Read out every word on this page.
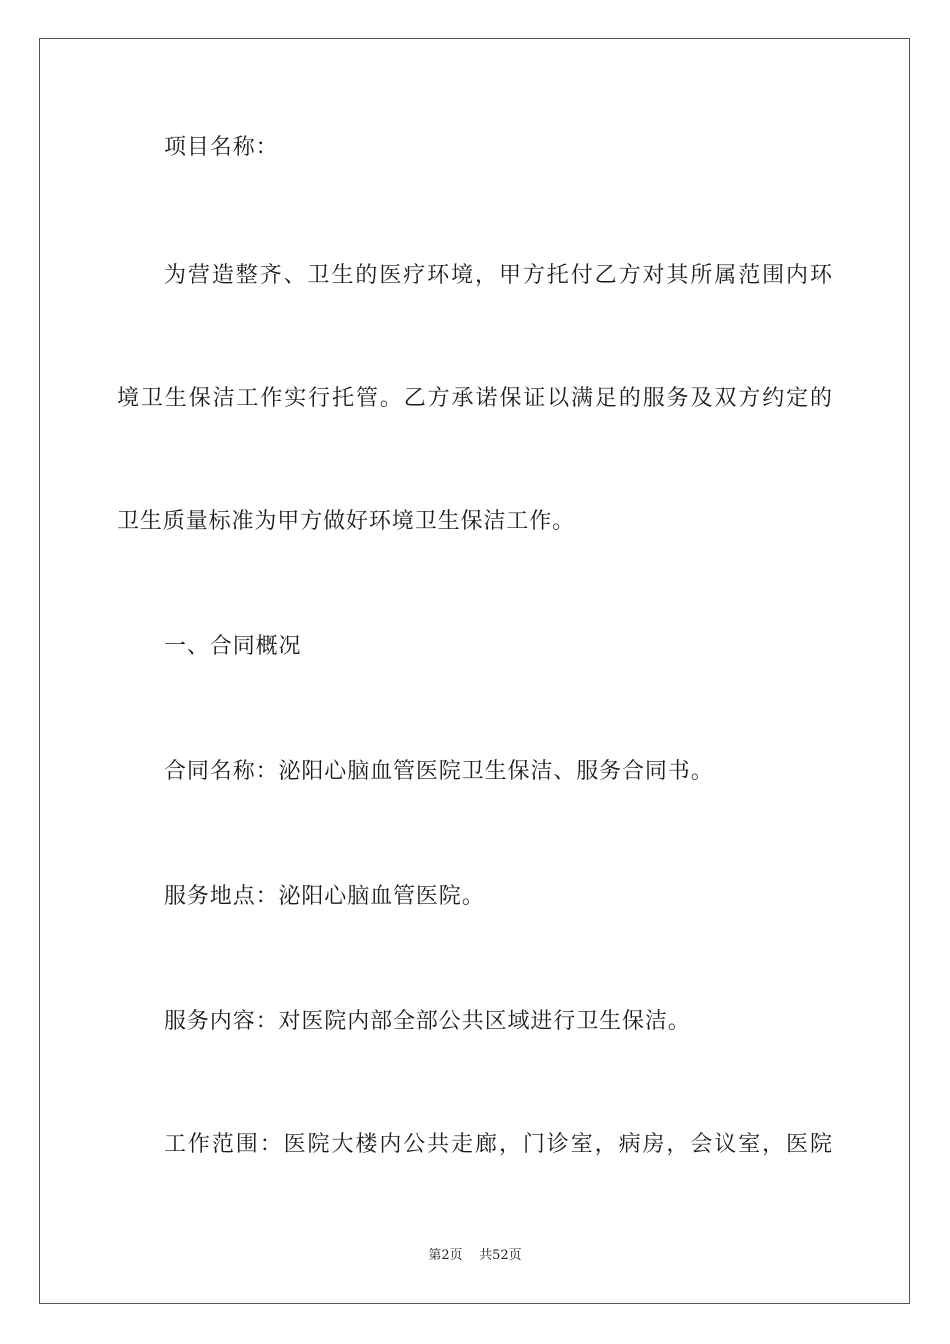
项目名称：
为营造整齐、卫生的医疗环境，甲方托付乙方对其所属范围内环
境卫生保洁工作实行托管。乙方承诺保证以满足的服务及双方约定的
卫生质量标准为甲方做好环境卫生保洁工作。
一、合同概况
合同名称：泌阳心脑血管医院卫生保洁、服务合同书。
服务地点：泌阳心脑血管医院。
服务内容：对医院内部全部公共区域进行卫生保洁。
工作范围：医院大楼内公共走廊，门诊室，病房，会议室，医院
第2页 共52页
